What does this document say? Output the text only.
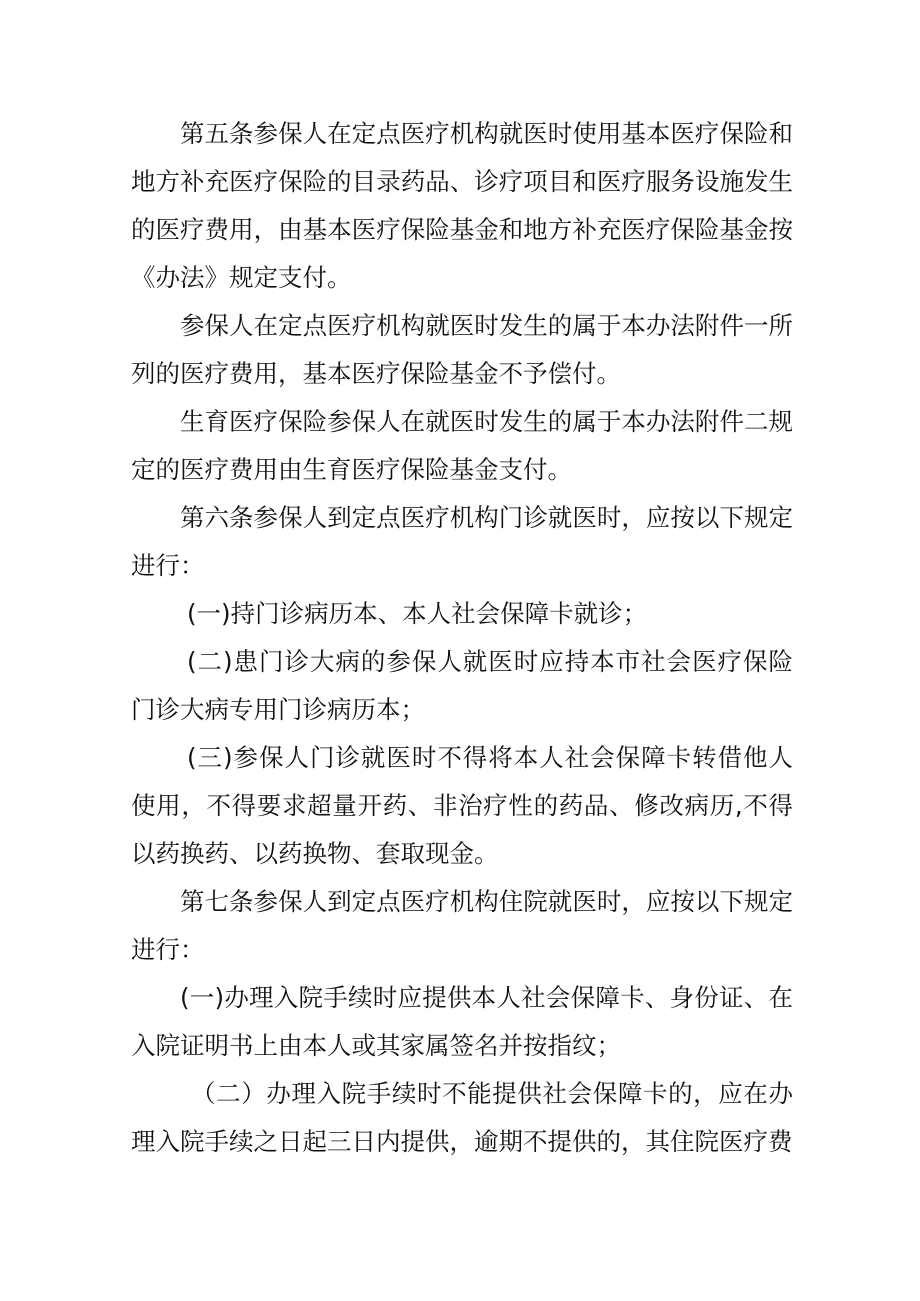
第五条参保人在定点医疗机构就医时使用基本医疗保险和地方补充医疗保险的目录药品、诊疗项目和医疗服务设施发生的医疗费用，由基本医疗保险基金和地方补充医疗保险基金按《办法》规定支付。

参保人在定点医疗机构就医时发生的属于本办法附件一所列的医疗费用，基本医疗保险基金不予偿付。

生育医疗保险参保人在就医时发生的属于本办法附件二规定的医疗费用由生育医疗保险基金支付。

第六条参保人到定点医疗机构门诊就医时，应按以下规定进行：

(一)持门诊病历本、本人社会保障卡就诊；

(二)患门诊大病的参保人就医时应持本市社会医疗保险门诊大病专用门诊病历本；

(三)参保人门诊就医时不得将本人社会保障卡转借他人使用，不得要求超量开药、非治疗性的药品、修改病历,不得以药换药、以药换物、套取现金。

第七条参保人到定点医疗机构住院就医时，应按以下规定进行：

(一)办理入院手续时应提供本人社会保障卡、身份证、在入院证明书上由本人或其家属签名并按指纹；

（二）办理入院手续时不能提供社会保障卡的，应在办理入院手续之日起三日内提供，逾期不提供的，其住院医疗费
